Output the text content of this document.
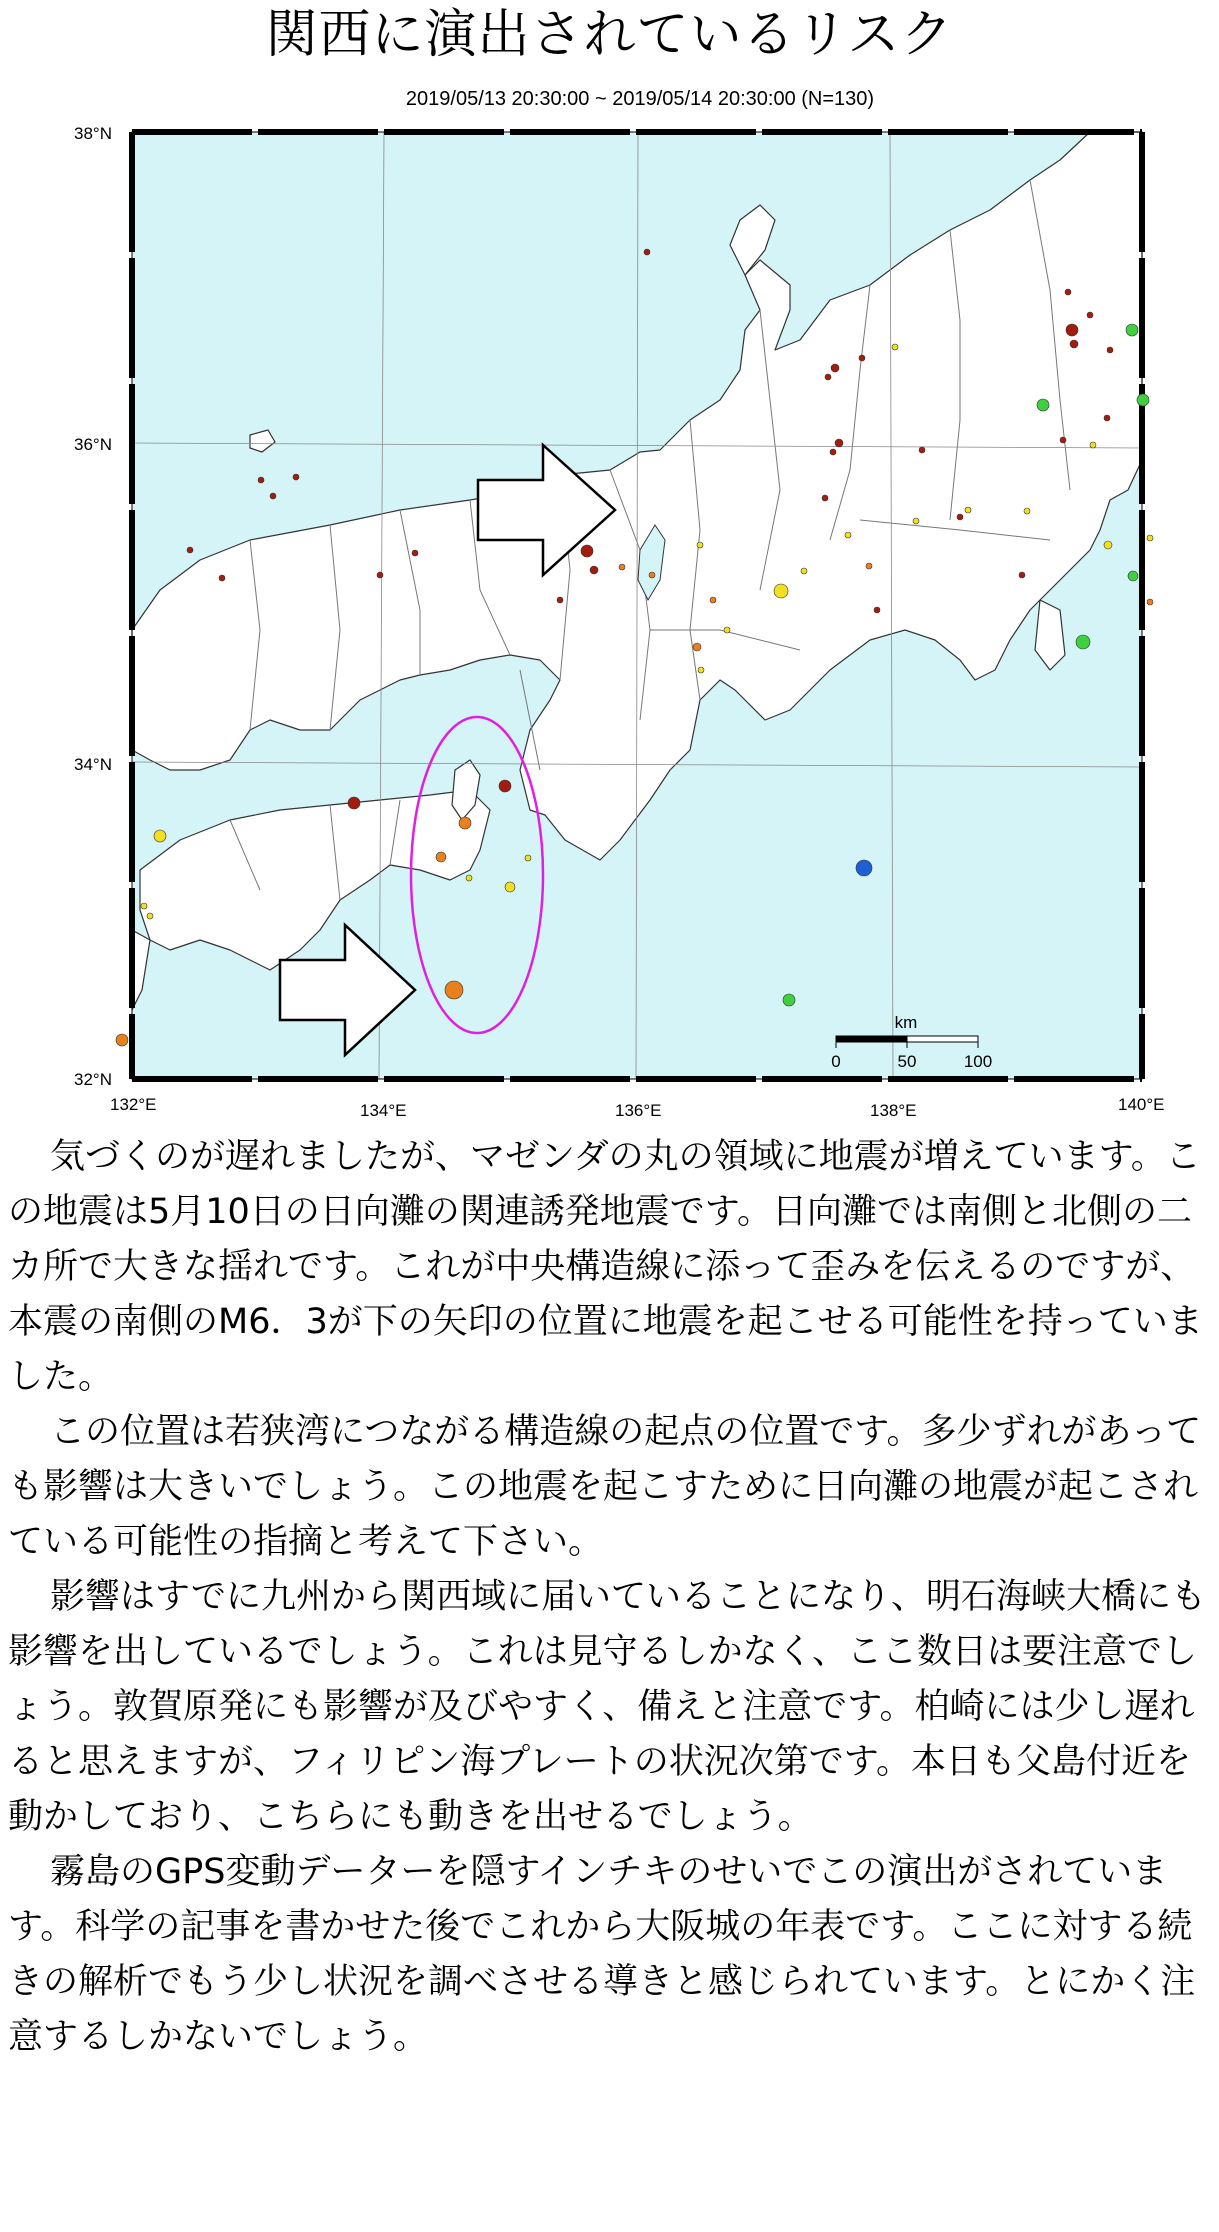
関西に演出されているリスク
2019/05/13 20:30:00 ~ 2019/05/14 20:30:00 (N=130)
38°N
36°N
34°N
32°N
132°E	134°E	136°E	138°E	140°E
km
0	50	100

気づくのが遅れましたが、マゼンダの丸の領域に地震が増えています。この地震は5月10日の日向灘の関連誘発地震です。日向灘では南側と北側の二カ所で大きな揺れです。これが中央構造線に添って歪みを伝えるのですが、本震の南側のM6．3が下の矢印の位置に地震を起こせる可能性を持っていました。

この位置は若狭湾につながる構造線の起点の位置です。多少ずれがあっても影響は大きいでしょう。この地震を起こすために日向灘の地震が起こされている可能性の指摘と考えて下さい。

影響はすでに九州から関西域に届いていることになり、明石海峡大橋にも影響を出しているでしょう。これは見守るしかなく、ここ数日は要注意でしょう。敦賀原発にも影響が及びやすく、備えと注意です。柏崎には少し遅れると思えますが、フィリピン海プレートの状況次第です。本日も父島付近を動かしており、こちらにも動きを出せるでしょう。

霧島のGPS変動データーを隠すインチキのせいでこの演出がされています。科学の記事を書かせた後でこれから大阪城の年表です。ここに対する続きの解析でもう少し状況を調べさせる導きと感じられています。とにかく注意するしかないでしょう。
